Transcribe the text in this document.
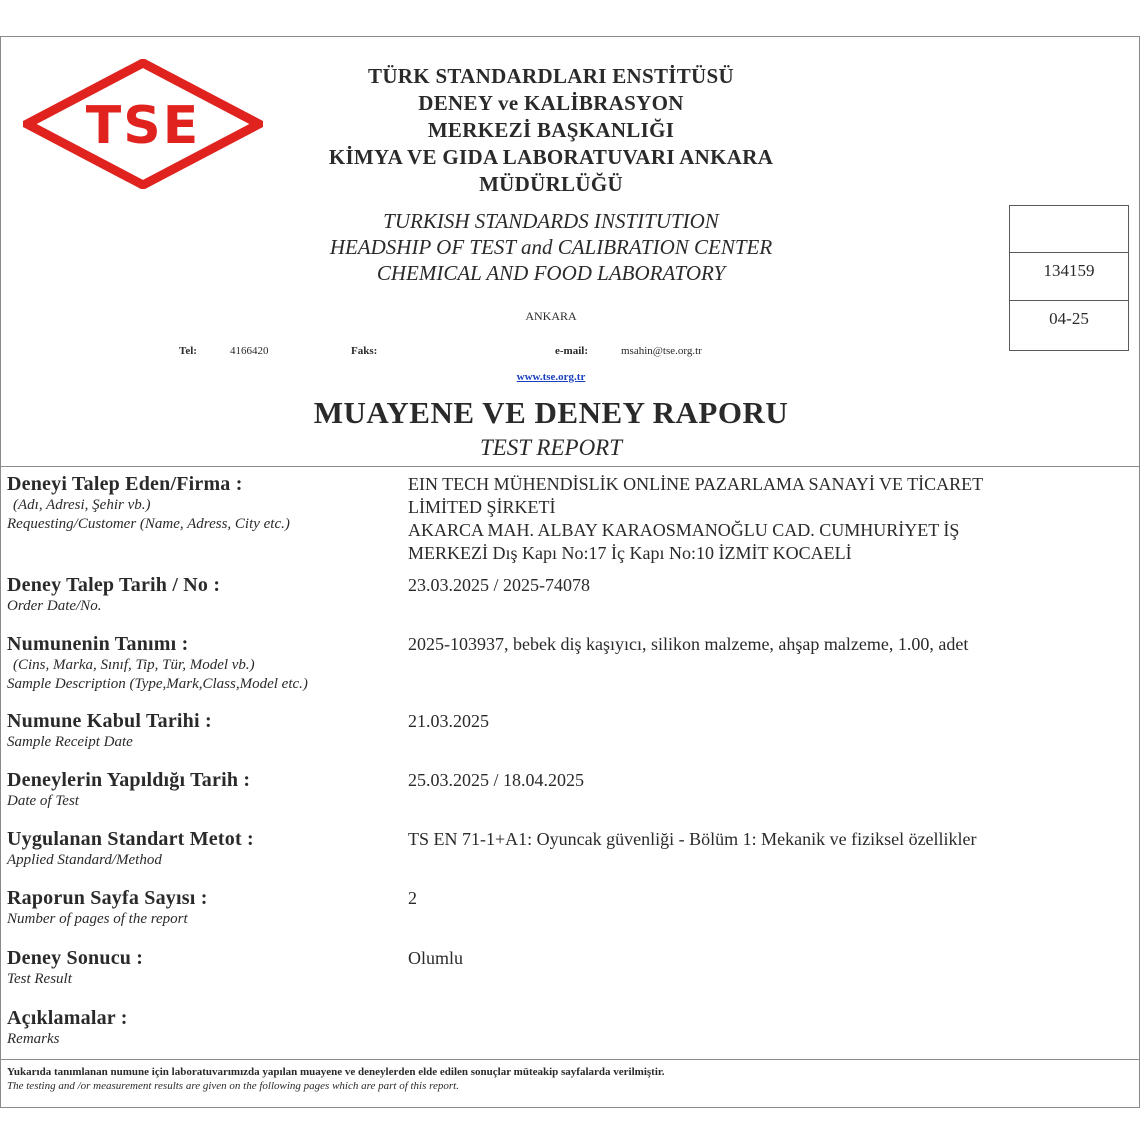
TSE
TÜRK STANDARDLARI ENSTİTÜSÜ
DENEY ve KALİBRASYON
MERKEZİ BAŞKANLIĞI
KİMYA VE GIDA LABORATUVARI ANKARA
MÜDÜRLÜĞÜ
TURKISH STANDARDS INSTITUTION
HEADSHIP OF TEST and CALIBRATION CENTER
CHEMICAL AND FOOD LABORATORY
ANKARA
Tel:	4166420	Faks:	e-mail:	msahin@tse.org.tr
www.tse.org.tr
MUAYENE VE DENEY RAPORU
TEST REPORT
134159
04-25
Deneyi Talep Eden/Firma :
(Adı, Adresi, Şehir vb.)
Requesting/Customer (Name, Adress, City etc.)
EIN TECH MÜHENDİSLİK ONLİNE PAZARLAMA SANAYİ VE TİCARET
LİMİTED ŞİRKETİ
AKARCA MAH. ALBAY KARAOSMANOĞLU CAD. CUMHURİYET İŞ
MERKEZİ Dış Kapı No:17 İç Kapı No:10 İZMİT KOCAELİ
Deney Talep Tarih / No :
Order Date/No.
23.03.2025 / 2025-74078
Numunenin Tanımı :
(Cins, Marka, Sınıf, Tip, Tür, Model vb.)
Sample Description (Type,Mark,Class,Model etc.)
2025-103937, bebek diş kaşıyıcı, silikon malzeme, ahşap malzeme, 1.00, adet
Numune Kabul Tarihi :
Sample Receipt Date
21.03.2025
Deneylerin Yapıldığı Tarih :
Date of Test
25.03.2025 / 18.04.2025
Uygulanan Standart Metot :
Applied Standard/Method
TS EN 71-1+A1: Oyuncak güvenliği - Bölüm 1: Mekanik ve fiziksel özellikler
Raporun Sayfa Sayısı :
Number of pages of the report
2
Deney Sonucu :
Test Result
Olumlu
Açıklamalar :
Remarks
Yukarıda tanımlanan numune için laboratuvarımızda yapılan muayene ve deneylerden elde edilen sonuçlar müteakip sayfalarda verilmiştir.
The testing and /or measurement results are given on the following pages which are part of this report.
